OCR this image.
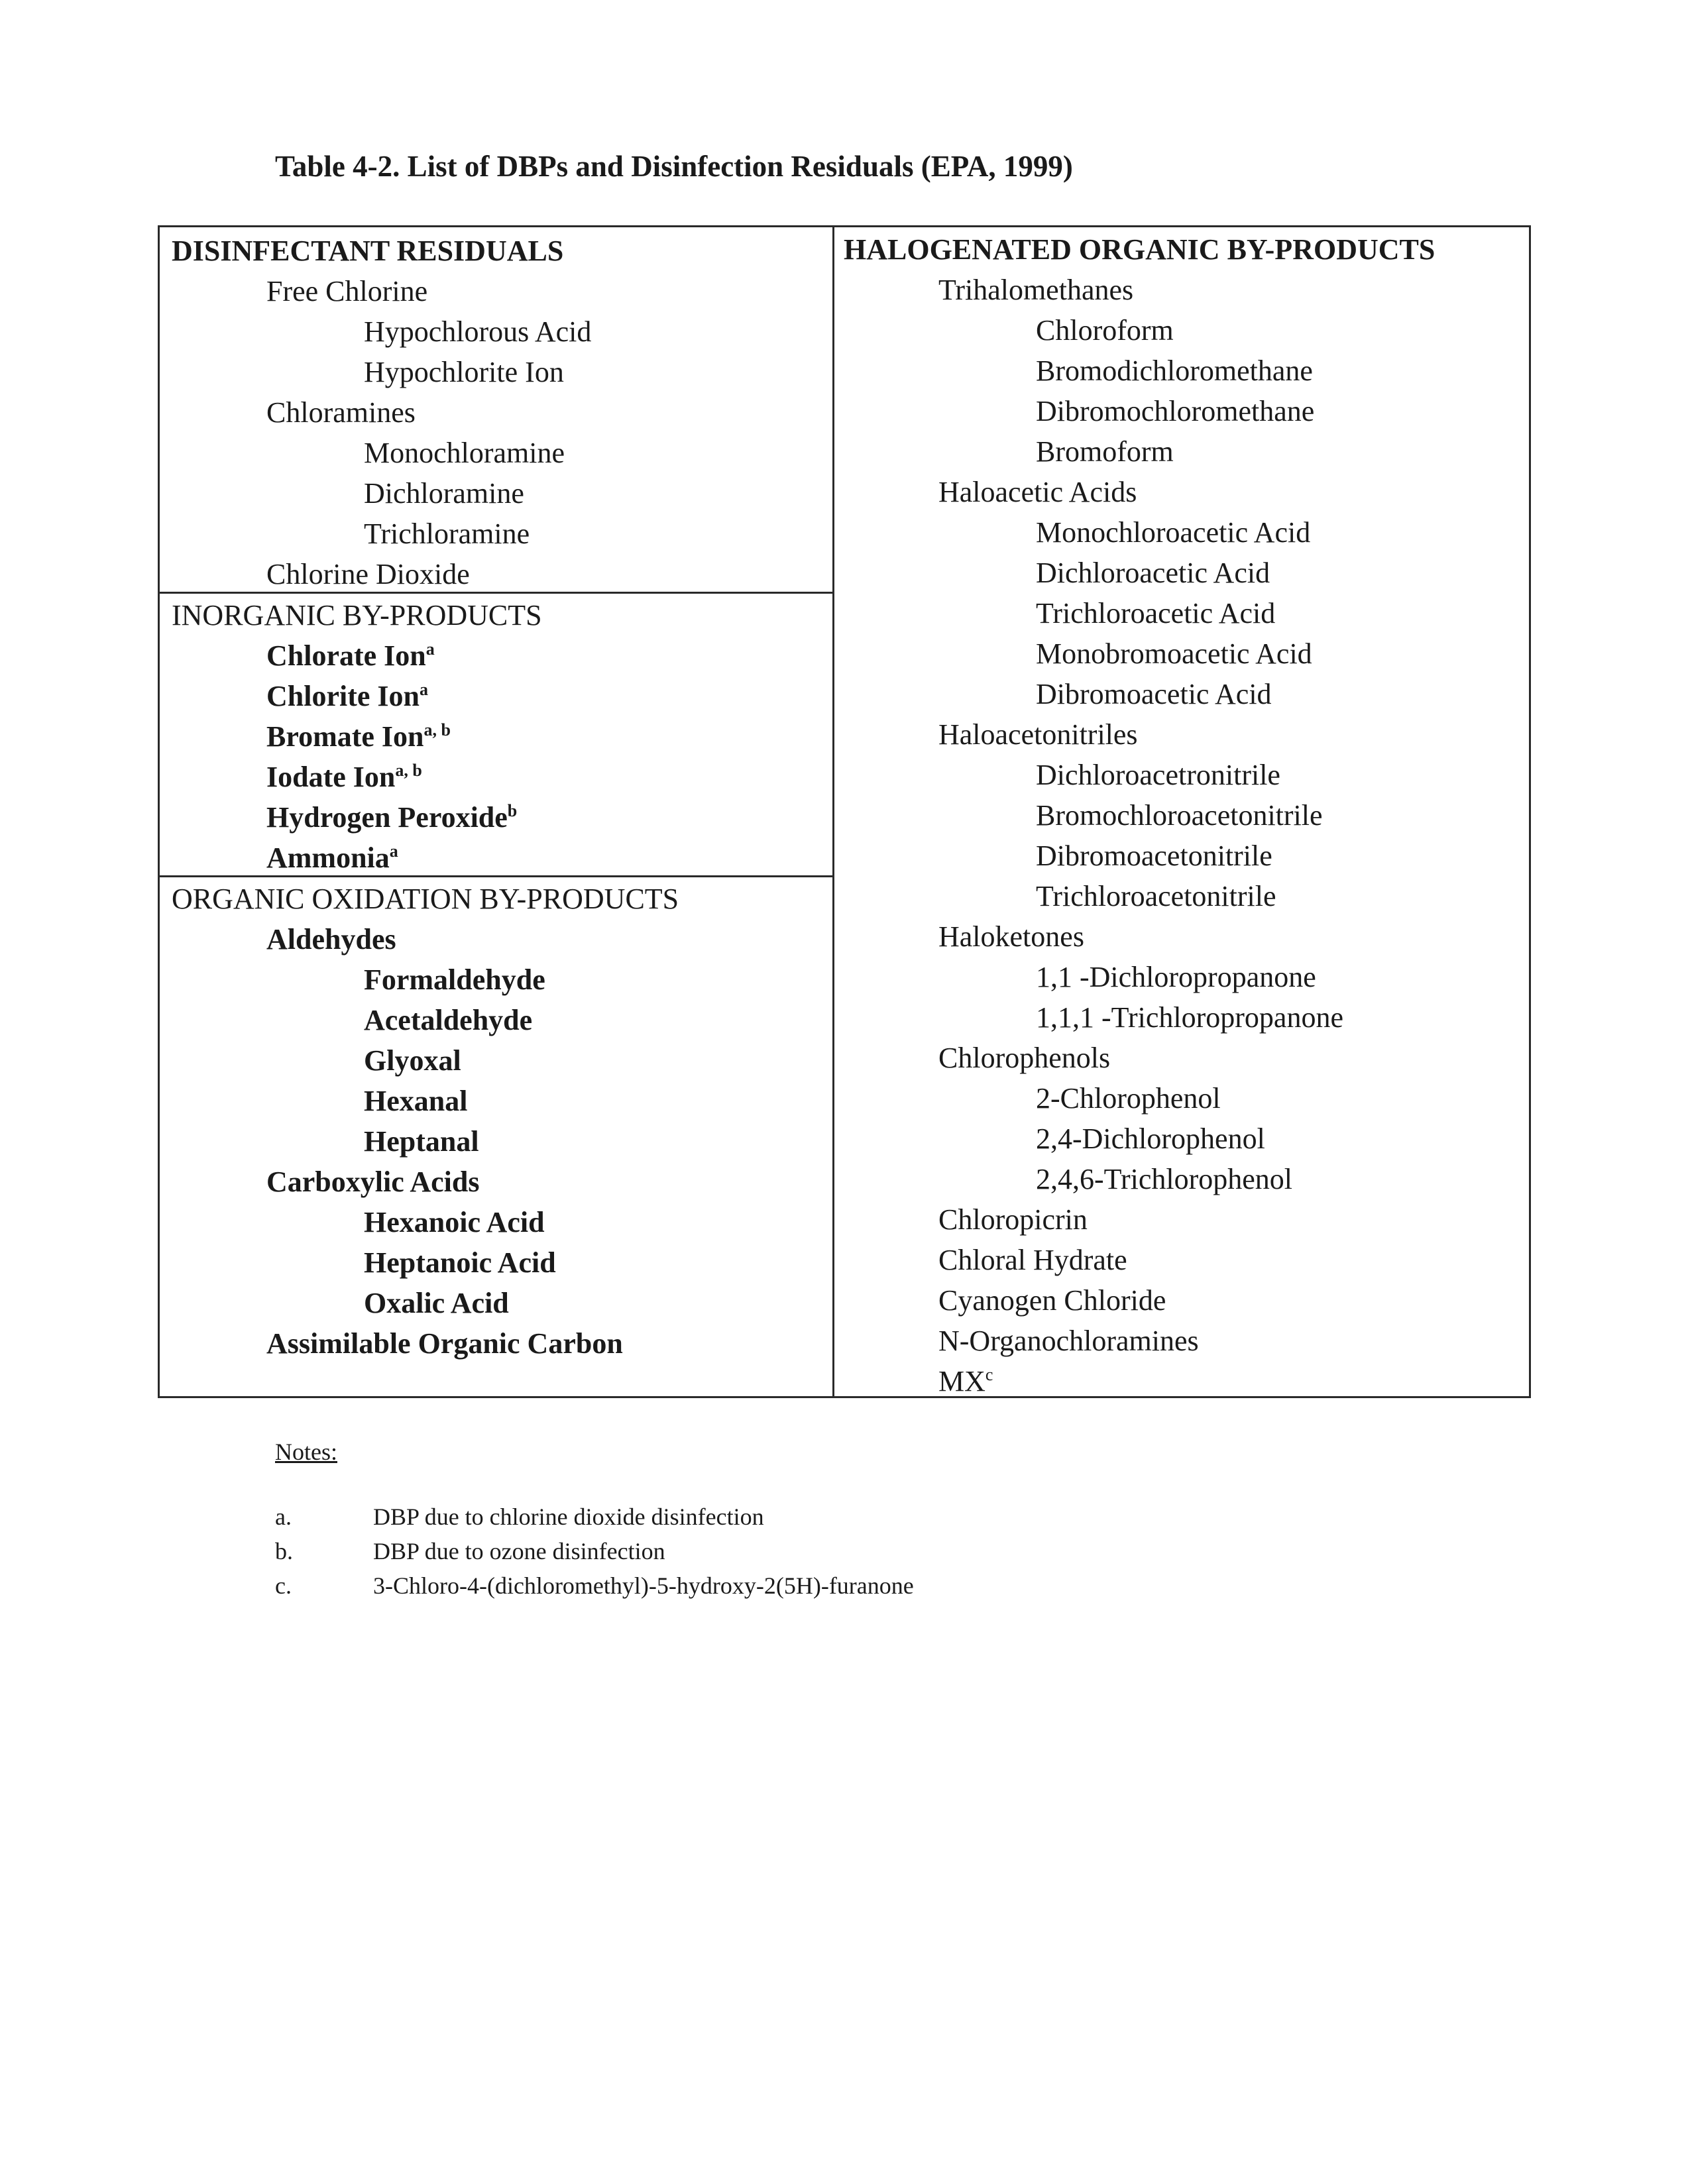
Table 4-2. List of DBPs and Disinfection Residuals (EPA, 1999)
DISINFECTANT RESIDUALS
Free Chlorine
Hypochlorous Acid
Hypochlorite Ion
Chloramines
Monochloramine
Dichloramine
Trichloramine
Chlorine Dioxide
INORGANIC BY-PRODUCTS
Chlorate Ion$^a$
Chlorite Ion$^a$
Bromate Ion$^{a, b}$
Iodate Ion$^{a, b}$
Hydrogen Peroxide$^b$
Ammonia$^a$
ORGANIC OXIDATION BY-PRODUCTS
Aldehydes
Formaldehyde
Acetaldehyde
Glyoxal
Hexanal
Heptanal
Carboxylic Acids
Hexanoic Acid
Heptanoic Acid
Oxalic Acid
Assimilable Organic Carbon
HALOGENATED ORGANIC BY-PRODUCTS
Trihalomethanes
Chloroform
Bromodichloromethane
Dibromochloromethane
Bromoform
Haloacetic Acids
Monochloroacetic Acid
Dichloroacetic Acid
Trichloroacetic Acid
Monobromoacetic Acid
Dibromoacetic Acid
Haloacetonitriles
Dichloroacetronitrile
Bromochloroacetonitrile
Dibromoacetonitrile
Trichloroacetonitrile
Haloketones
1,1 -Dichloropropanone
1,1,1 -Trichloropropanone
Chlorophenols
2-Chlorophenol
2,4-Dichlorophenol
2,4,6-Trichlorophenol
Chloropicrin
Chloral Hydrate
Cyanogen Chloride
N-Organochloramines
$MX^c$
Notes:
a.	DBP due to chlorine dioxide disinfection
b.	DBP due to ozone disinfection
c.	3-Chloro-4-(dichloromethyl)-5-hydroxy-2(5H)-furanone
